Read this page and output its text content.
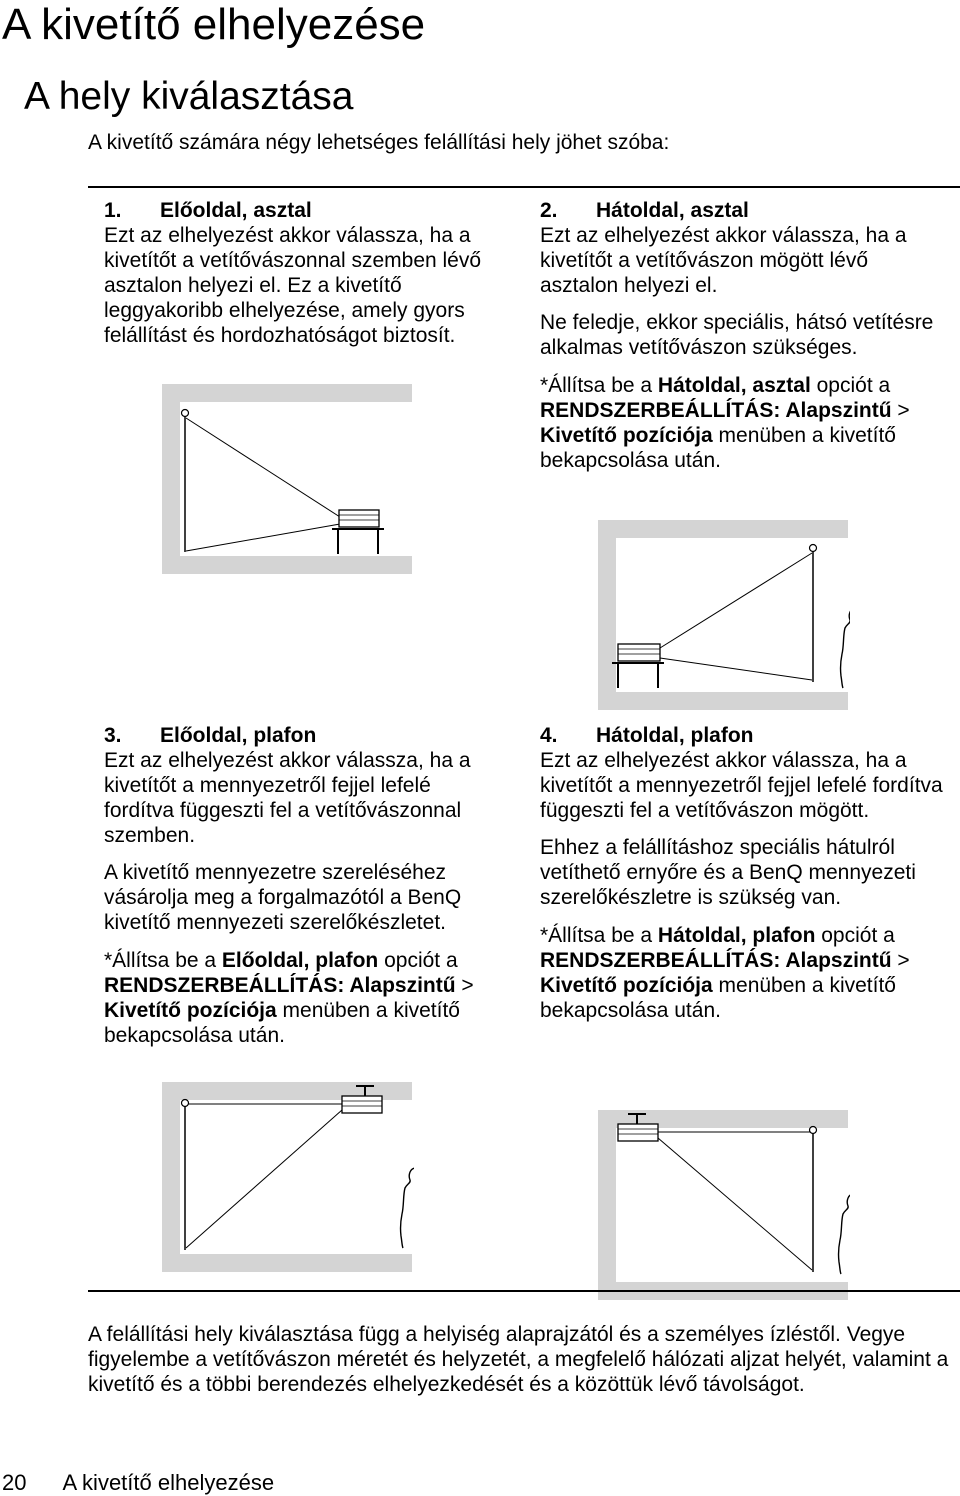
A kivetítő elhelyezése
A hely kiválasztása
A kivetítő számára négy lehetséges felállítási hely jöhet szóba:
1. Előoldal, asztal

Ezt az elhelyezést akkor válassza, ha a kivetítőt a vetítővászonnal szemben lévő asztalon helyezi el. Ez a kivetítő leggyakoribb elhelyezése, amely gyors felállítást és hordozhatóságot biztosít.

2. Hátoldal, asztal

Ezt az elhelyezést akkor válassza, ha a kivetítőt a vetítővászon mögött lévő asztalon helyezi el.

Ne feledje, ekkor speciális, hátsó vetítésre alkalmas vetítővászon szükséges.

*Állítsa be a Hátoldal, asztal opciót a RENDSZERBEÁLLÍTÁS: Alapszintű > Kivetítő pozíciója menüben a kivetítő bekapcsolása után.

3. Előoldal, plafon

Ezt az elhelyezést akkor válassza, ha a kivetítőt a mennyezetről fejjel lefelé fordítva függeszti fel a vetítővászonnal szemben.

A kivetítő mennyezetre szereléséhez vásárolja meg a forgalmazótól a BenQ kivetítő mennyezeti szerelőkészletet.

*Állítsa be a Előoldal, plafon opciót a RENDSZERBEÁLLÍTÁS: Alapszintű > Kivetítő pozíciója menüben a kivetítő bekapcsolása után.

4. Hátoldal, plafon

Ezt az elhelyezést akkor válassza, ha a kivetítőt a mennyezetről fejjel lefelé fordítva függeszti fel a vetítővászon mögött.

Ehhez a felállításhoz speciális hátulról vetíthető ernyőre és a BenQ mennyezeti szerelőkészletre is szükség van.

*Állítsa be a Hátoldal, plafon opciót a RENDSZERBEÁLLÍTÁS: Alapszintű > Kivetítő pozíciója menüben a kivetítő bekapcsolása után.

A felállítási hely kiválasztása függ a helyiség alaprajzától és a személyes ízléstől. Vegye figyelembe a vetítővászon méretét és helyzetét, a megfelelő hálózati aljzat helyét, valamint a kivetítő és a többi berendezés elhelyezkedését és a közöttük lévő távolságot.
20 A kivetítő elhelyezése
